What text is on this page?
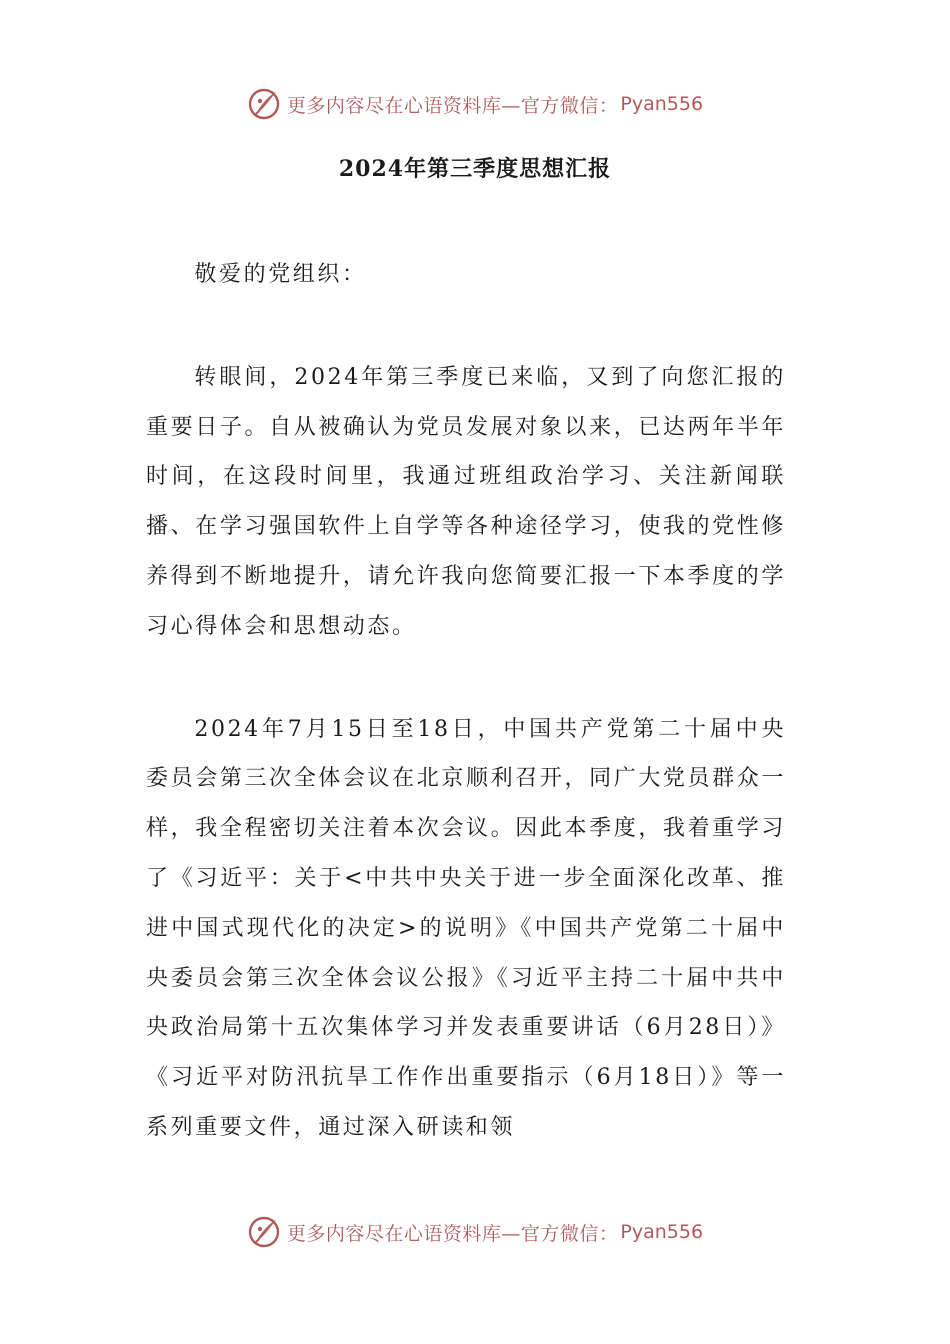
更多内容尽在心语资料库—官方微信： Pyan556
2024年第三季度思想汇报

敬爱的党组织：

转眼间，2024年第三季度已来临，又到了向您汇报的重要日子。自从被确认为党员发展对象以来，已达两年半年时间，在这段时间里，我通过班组政治学习、关注新闻联播、在学习强国软件上自学等各种途径学习，使我的党性修养得到不断地提升，请允许我向您简要汇报一下本季度的学习心得体会和思想动态。

2024年7月15日至18日，中国共产党第二十届中央委员会第三次全体会议在北京顺利召开，同广大党员群众一样，我全程密切关注着本次会议。因此本季度，我着重学习了《习近平：关于<中共中央关于进一步全面深化改革、推进中国式现代化的决定>的说明》《中国共产党第二十届中央委员会第三次全体会议公报》《习近平主持二十届中共中央政治局第十五次集体学习并发表重要讲话（6月28日）》《习近平对防汛抗旱工作作出重要指示（6月18日）》等一系列重要文件，通过深入研读和领

更多内容尽在心语资料库—官方微信： Pyan556
